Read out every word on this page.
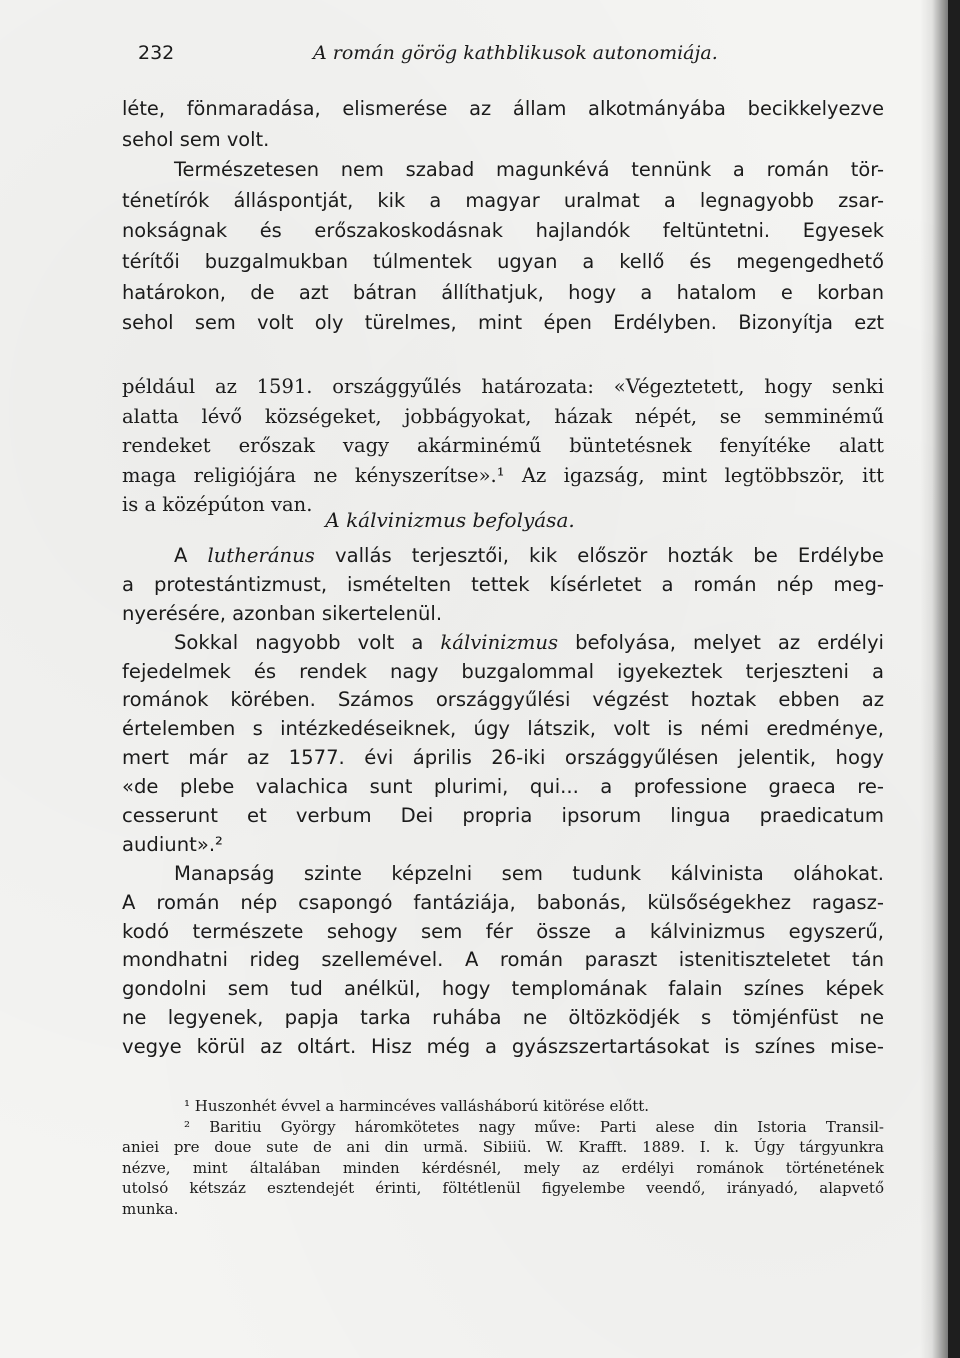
232	A román görög kathblikusok autonomiája.
léte, fönmaradása, elismerése az állam alkotmányába becikkelyezve
sehol sem volt.
Természetesen nem szabad magunkévá tennünk a román tör-
ténetírók álláspontját, kik a magyar uralmat a legnagyobb zsar-
nokságnak és erőszakoskodásnak hajlandók feltüntetni. Egyesek
térítői buzgalmukban túlmentek ugyan a kellő és megengedhető
határokon, de azt bátran állíthatjuk, hogy a hatalom e korban
sehol sem volt oly türelmes, mint épen Erdélyben. Bizonyítja ezt
például az 1591. országgyűlés határozata: «Végeztetett, hogy senki
alatta lévő községeket, jobbágyokat, házak népét, se semminémű
rendeket erőszak vagy akárminémű büntetésnek fenyítéke alatt
maga religiójára ne kényszerítse».¹ Az igazság, mint legtöbbször, itt
is a középúton van.
A kálvinizmus befolyása.
A lutheránus vallás terjesztői, kik először hozták be Erdélybe
a protestántizmust, ismételten tettek kísérletet a román nép meg-
nyerésére, azonban sikertelenül.
Sokkal nagyobb volt a kálvinizmus befolyása, melyet az erdélyi
fejedelmek és rendek nagy buzgalommal igyekeztek terjeszteni a
románok körében. Számos országgyűlési végzést hoztak ebben az
értelemben s intézkedéseiknek, úgy látszik, volt is némi eredménye,
mert már az 1577. évi április 26-iki országgyűlésen jelentik, hogy
«de plebe valachica sunt plurimi, qui... a professione graeca re-
cesserunt et verbum Dei propria ipsorum lingua praedicatum
audiunt».²
Manapság szinte képzelni sem tudunk kálvinista oláhokat.
A román nép csapongó fantáziája, babonás, külsőségekhez ragasz-
kodó természete sehogy sem fér össze a kálvinizmus egyszerű,
mondhatni rideg szellemével. A román paraszt istenitiszteletet tán
gondolni sem tud anélkül, hogy templomának falain színes képek
ne legyenek, papja tarka ruhába ne öltözködjék s tömjénfüst ne
vegye körül az oltárt. Hisz még a gyászszertartásokat is színes mise-
¹ Huszonhét évvel a harmincéves vallásháború kitörése előtt.
² Baritiu György háromkötetes nagy műve: Parti alese din Istoria Transil-
aniei pre doue sute de ani din urmă. Sibiiü. W. Krafft. 1889. I. k. Úgy tárgyunkra
nézve, mint általában minden kérdésnél, mely az erdélyi románok történetének
utolsó kétszáz esztendejét érinti, föltétlenül figyelembe veendő, irányadó, alapvető
munka.
